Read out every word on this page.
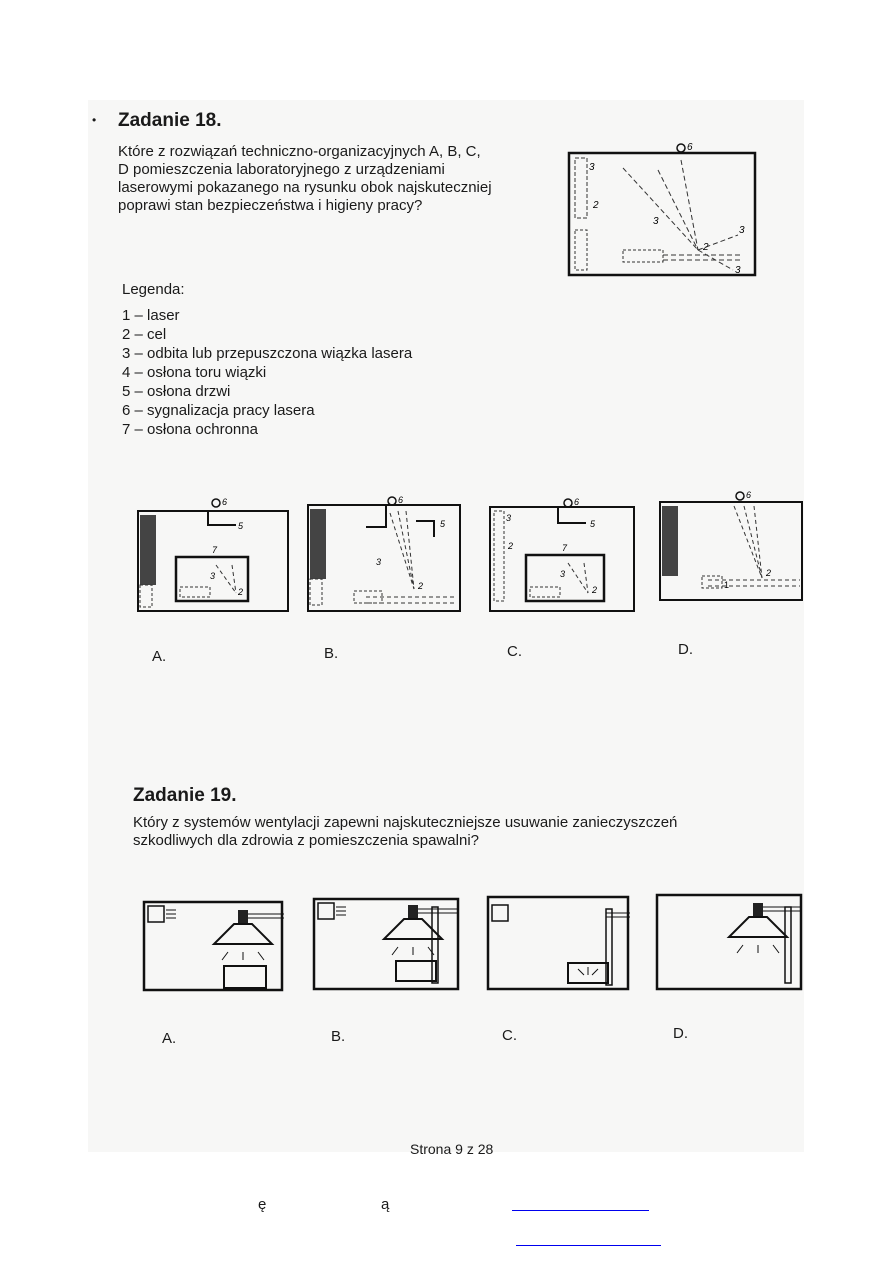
• Zadanie 18.
Które z rozwiązań techniczno-organizacyjnych A, B, C,
D pomieszczenia laboratoryjnego z urządzeniami
laserowymi pokazanego na rysunku obok najskuteczniej
poprawi stan bezpieczeństwa i higieny pracy?
6
3
2
3
2
3
3
Legenda:
1 – laser
2 – cel
3 – odbita lub przepuszczona wiązka lasera
4 – osłona toru wiązki
5 – osłona drzwi
6 – sygnalizacja pracy lasera
7 – osłona ochronna
6
5
7
3
2
6
5
3
2
3
2
6
5
7
3
2
6
1
2
A.	B.	C.	D.
Zadanie 19.
Który z systemów wentylacji zapewni najskuteczniejsze usuwanie zanieczyszczeń
szkodliwych dla zdrowia z pomieszczenia spawalni?
A.	B.	C.	D.
Strona 9 z 28
ę	ą
